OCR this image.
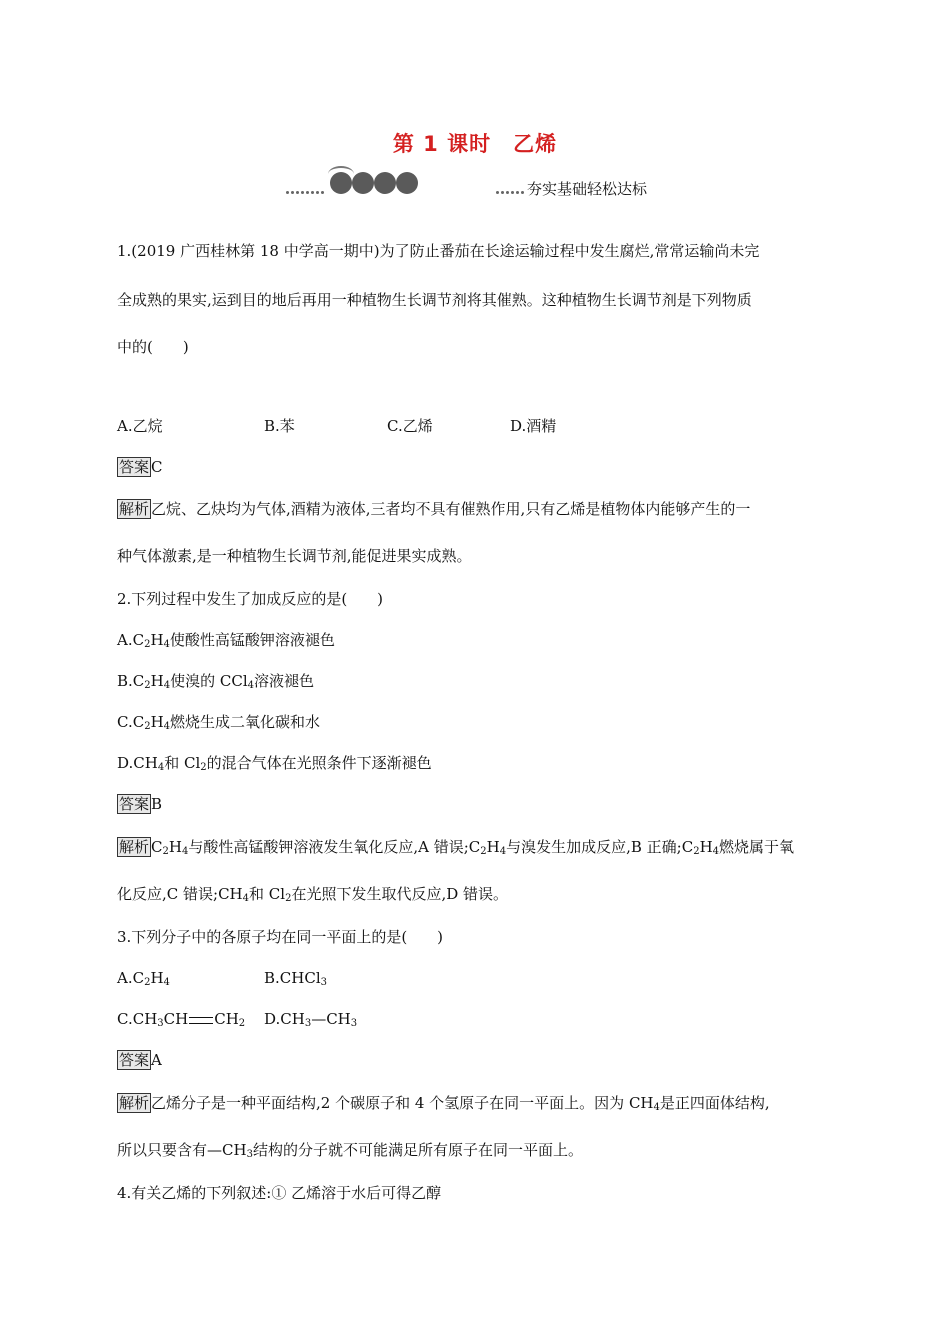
第 1 课时 乙烯
夯实基础轻松达标
1.(2019 广西桂林第 18 中学高一期中)为了防止番茄在长途运输过程中发生腐烂,常常运输尚未完
全成熟的果实,运到目的地后再用一种植物生长调节剂将其催熟。这种植物生长调节剂是下列物质
中的(　　)
A.乙烷	B.苯	C.乙烯	D.酒精
答案 C
解析 乙烷、乙炔均为气体,酒精为液体,三者均不具有催熟作用,只有乙烯是植物体内能够产生的一
种气体激素,是一种植物生长调节剂,能促进果实成熟。
2.下列过程中发生了加成反应的是(　　)
$A.C_2H_4$使酸性高锰酸钾溶液褪色
$B.C_2H_4$使溴的 CCl$_4$溶液褪色
$C.C_2H_4$燃烧生成二氧化碳和水
$D.CH_4$和 $Cl_2$的混合气体在光照条件下逐渐褪色
答案 B
解析 $C_2H_4$与酸性高锰酸钾溶液发生氧化反应,A 错误$;C_2H_4$与溴发生加成反应,B 正确$;C_2H_4$燃烧属于氧
化反应,C 错误$;CH_4$和 $Cl_2$在光照下发生取代反应,D 错误。
3.下列分子中的各原子均在同一平面上的是(　　)
$A.C_2H_4$	B.CHCl$_3$
$C.CH_3CH$ $CH_2$ $D.CH_3—CH_3$
答案 A
解析 乙烯分子是一种平面结构,2 个碳原子和 4 个氢原子在同一平面上。因为 $CH_4$是正四面体结构,
所以只要含有$—CH_3$结构的分子就不可能满足所有原子在同一平面上。
4.有关乙烯的下列叙述:① 乙烯溶于水后可得乙醇
